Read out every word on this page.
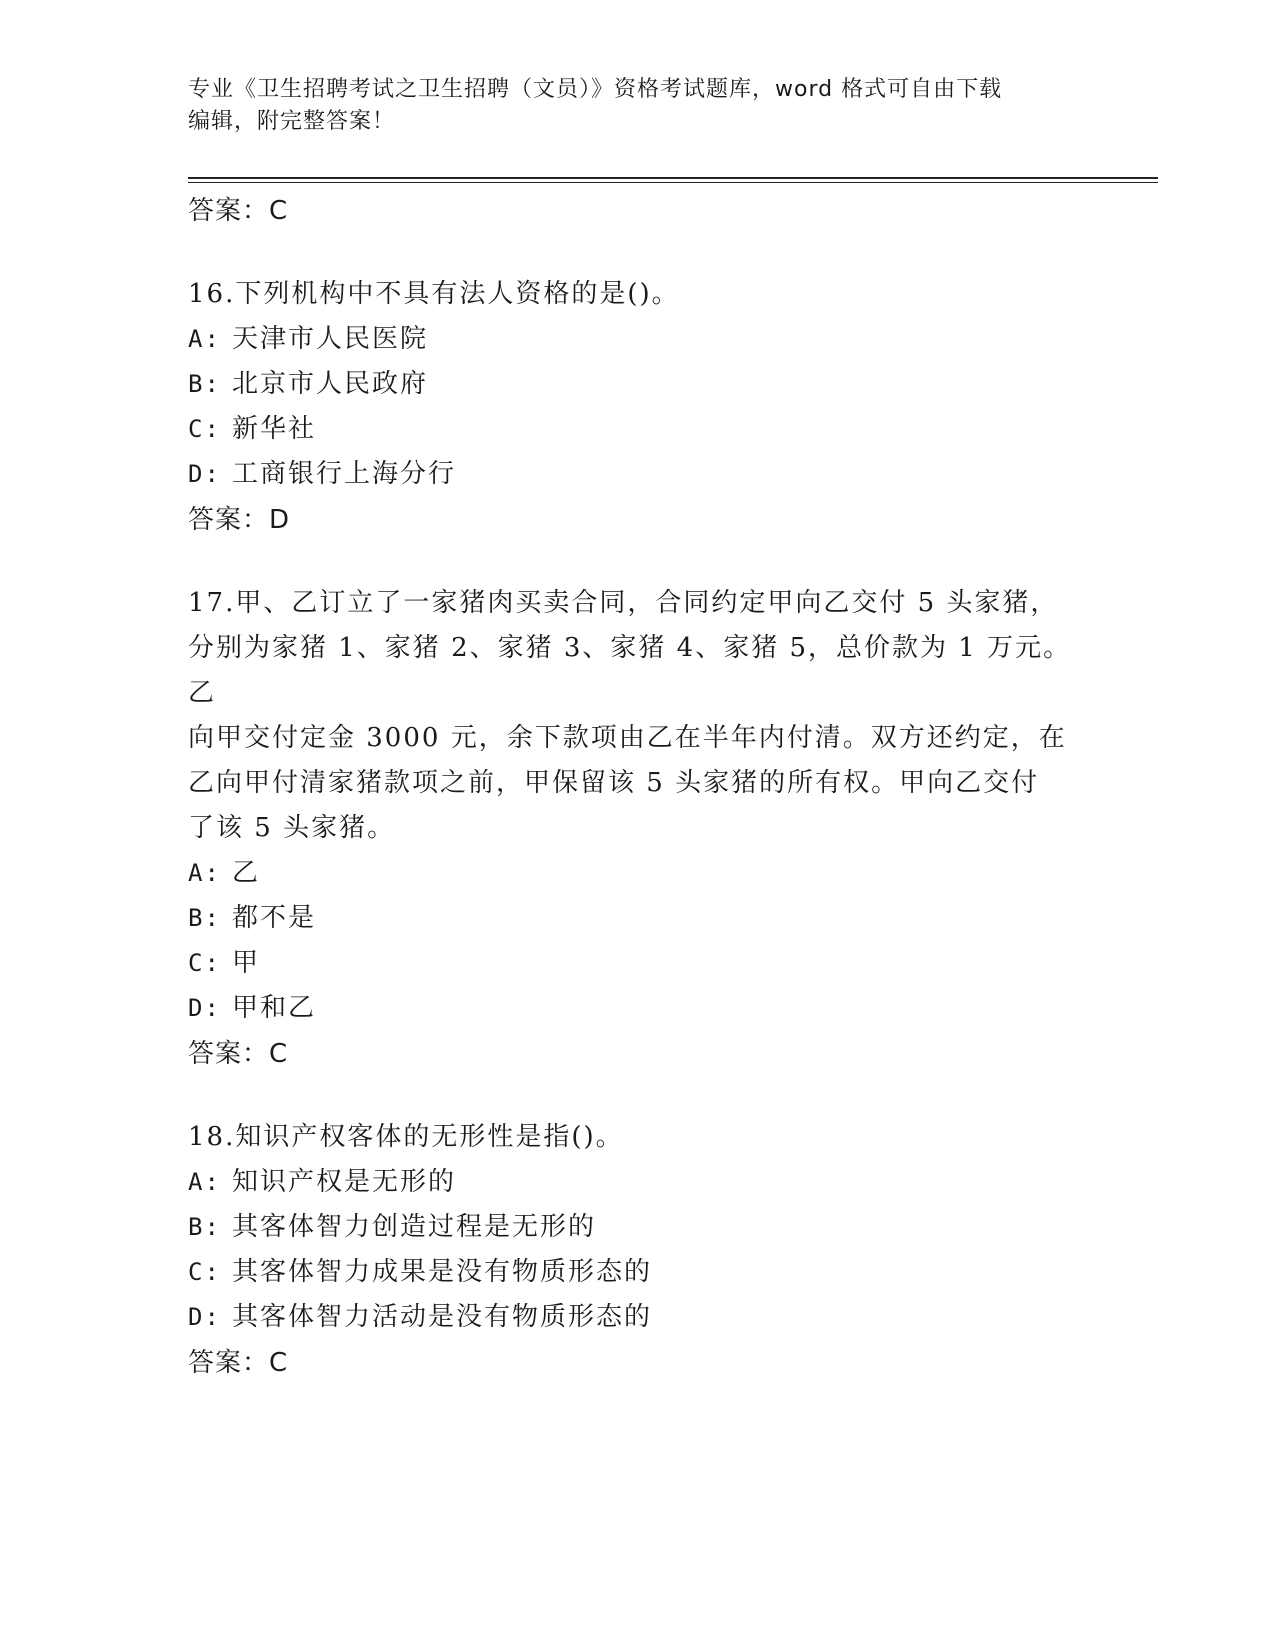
专业《卫生招聘考试之卫生招聘（文员）》资格考试题库，word 格式可自由下载
编辑，附完整答案！
答案：C
16.下列机构中不具有法人资格的是()。
A: 天津市人民医院
B: 北京市人民政府
C: 新华社
D: 工商银行上海分行
答案：D
17.甲、乙订立了一家猪肉买卖合同，合同约定甲向乙交付 5 头家猪，
分别为家猪 1、家猪 2、家猪 3、家猪 4、家猪 5，总价款为 1 万元。乙
向甲交付定金 3000 元，余下款项由乙在半年内付清。双方还约定，在
乙向甲付清家猪款项之前，甲保留该 5 头家猪的所有权。甲向乙交付
了该 5 头家猪。
A: 乙
B: 都不是
C: 甲
D: 甲和乙
答案：C
18.知识产权客体的无形性是指()。
A: 知识产权是无形的
B: 其客体智力创造过程是无形的
C: 其客体智力成果是没有物质形态的
D: 其客体智力活动是没有物质形态的
答案：C
